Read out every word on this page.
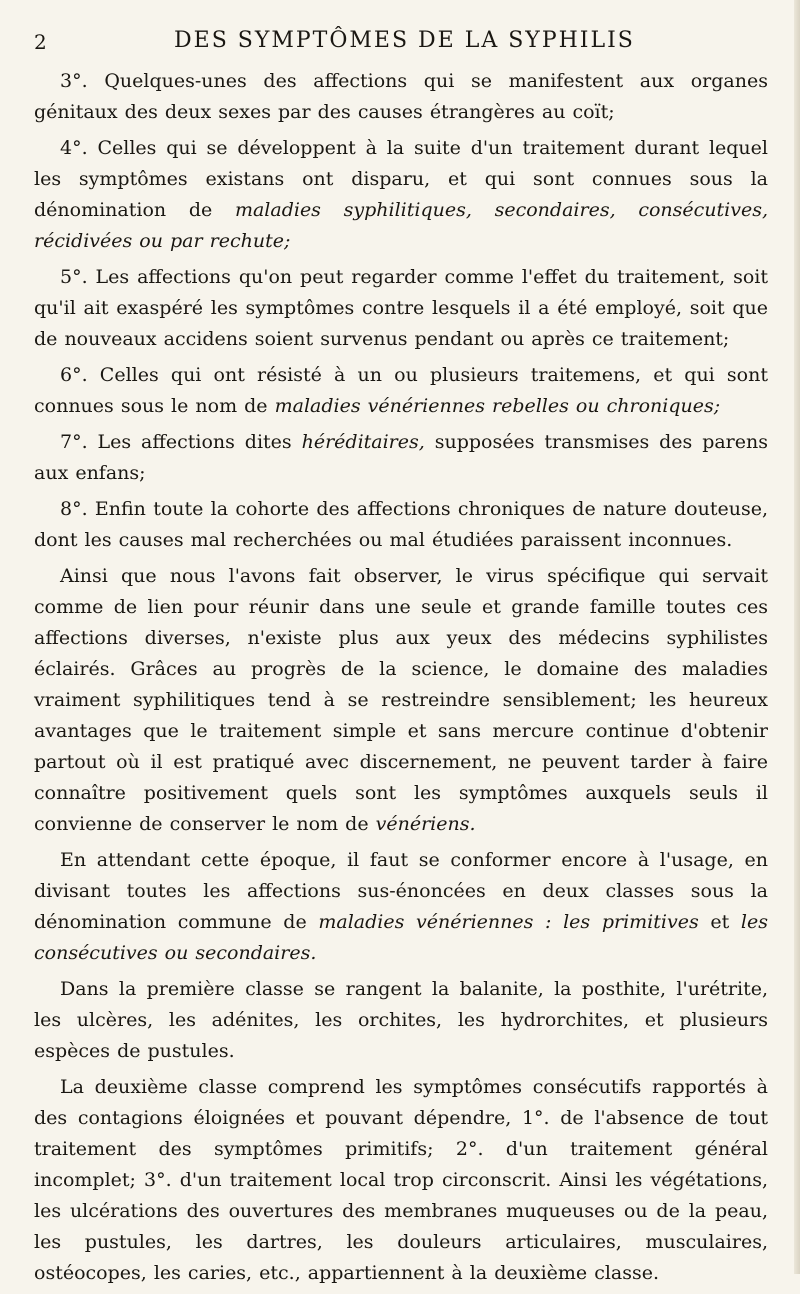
2	DES SYMPTÔMES DE LA SYPHILIS

3°. Quelques-unes des affections qui se manifestent aux organes génitaux des deux sexes par des causes étrangères au coït;

4°. Celles qui se développent à la suite d'un traitement durant lequel les symptômes existans ont disparu, et qui sont connues sous la dénomination de maladies syphilitiques, secondaires, consécutives, récidivées ou par rechute;

5°. Les affections qu'on peut regarder comme l'effet du traitement, soit qu'il ait exaspéré les symptômes contre lesquels il a été employé, soit que de nouveaux accidens soient survenus pendant ou après ce traitement;

6°. Celles qui ont résisté à un ou plusieurs traitemens, et qui sont connues sous le nom de maladies vénériennes rebelles ou chroniques;

7°. Les affections dites héréditaires, supposées transmises des parens aux enfans;

8°. Enfin toute la cohorte des affections chroniques de nature douteuse, dont les causes mal recherchées ou mal étudiées paraissent inconnues.

Ainsi que nous l'avons fait observer, le virus spécifique qui servait comme de lien pour réunir dans une seule et grande famille toutes ces affections diverses, n'existe plus aux yeux des médecins syphilistes éclairés. Grâces au progrès de la science, le domaine des maladies vraiment syphilitiques tend à se restreindre sensiblement; les heureux avantages que le traitement simple et sans mercure continue d'obtenir partout où il est pratiqué avec discernement, ne peuvent tarder à faire connaître positivement quels sont les symptômes auxquels seuls il convienne de conserver le nom de vénériens.

En attendant cette époque, il faut se conformer encore à l'usage, en divisant toutes les affections sus-énoncées en deux classes sous la dénomination commune de maladies vénériennes : les primitives et les consécutives ou secondaires.

Dans la première classe se rangent la balanite, la posthite, l'urétrite, les ulcères, les adénites, les orchites, les hydrorchites, et plusieurs espèces de pustules.

La deuxième classe comprend les symptômes consécutifs rapportés à des contagions éloignées et pouvant dépendre, 1°. de l'absence de tout traitement des symptômes primitifs; 2°. d'un traitement général incomplet; 3°. d'un traitement local trop circonscrit. Ainsi les végétations, les ulcérations des ouvertures des membranes muqueuses ou de la peau, les pustules, les dartres, les douleurs articulaires, musculaires, ostéocopes, les caries, etc., appartiennent à la deuxième classe.
